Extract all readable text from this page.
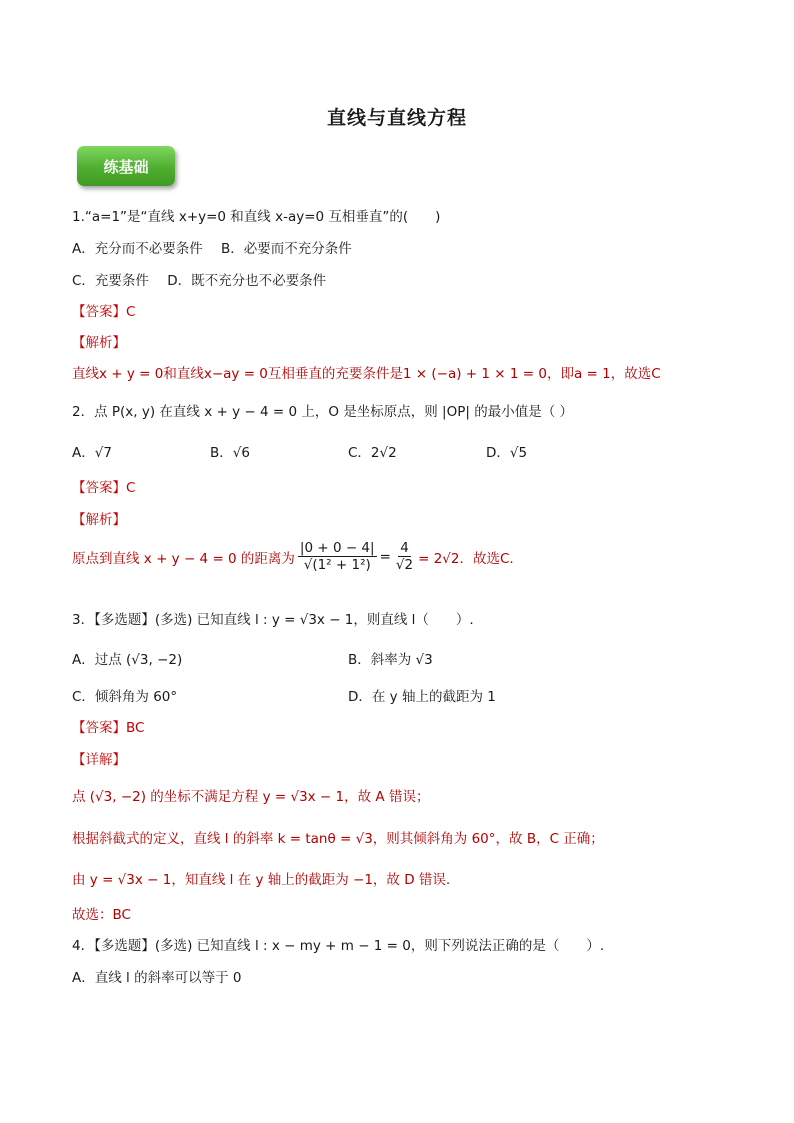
直线与直线方程
练基础
1.“a=1”是“直线 x+y=0 和直线 x-ay=0 互相垂直”的(　　)
A．充分而不必要条件 B．必要而不充分条件
C．充要条件 D．既不充分也不必要条件
【答案】C
【解析】
直线x + y = 0和直线x−ay = 0互相垂直的充要条件是1 × (−a) + 1 × 1 = 0，即a = 1，故选C
2．点 P(x, y) 在直线 x + y − 4 = 0 上，O 是坐标原点，则 |OP| 的最小值是（ ）
A．√7	B．√6	C．2√2	D．√5
【答案】C
【解析】
原点到直线 x + y − 4 = 0 的距离为 $\frac{|0 + 0 - 4|}{\text{√(1² + 1²)}} = \frac{4}{√2} = 2√2$．故选C.
3．【多选题】(多选) 已知直线 l : y = √3x − 1，则直线 l（　　）.
A．过点 (√3, −2)	B．斜率为 √3
C．倾斜角为 60°	D．在 y 轴上的截距为 1
【答案】BC
【详解】
点 (√3, −2) 的坐标不满足方程 y = √3x − 1，故 A 错误；
根据斜截式的定义，直线 l 的斜率 k = tanθ = √3，则其倾斜角为 60°，故 B，C 正确；
由 y = √3x − 1，知直线 l 在 y 轴上的截距为 −1，故 D 错误.
故选：BC
4．【多选题】(多选) 已知直线 l : x − my + m − 1 = 0，则下列说法正确的是（　　）.
A．直线 l 的斜率可以等于 0
